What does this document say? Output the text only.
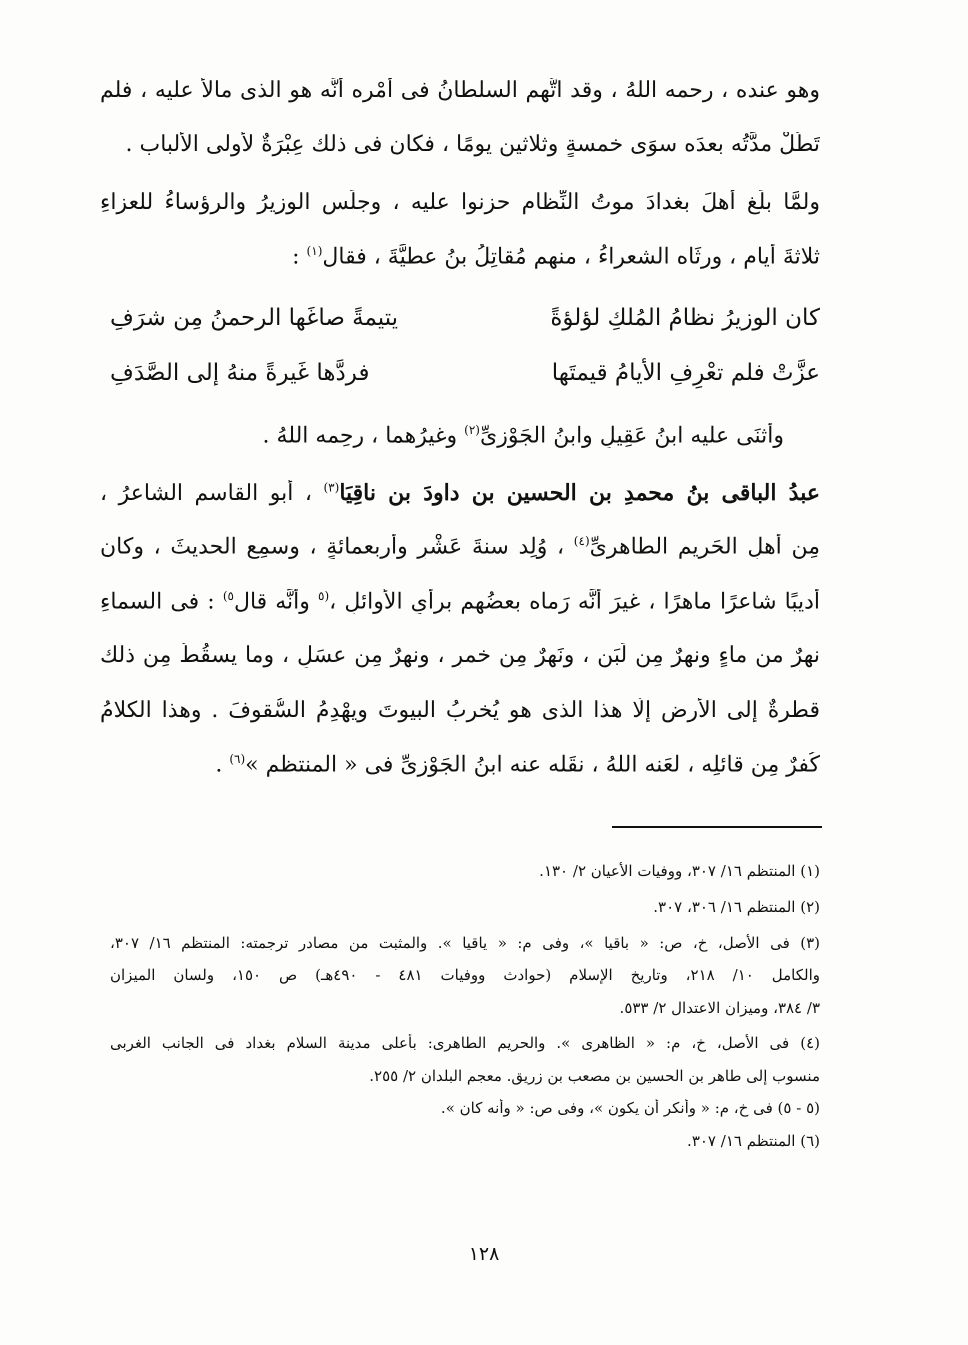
وهو عنده ، رحمه اللهُ ، وقد اتُّهِم السلطانُ فى أمْرِه أنَّه هو الذى مالأَ عليه ، فلم
تَطُلْ مدَّتُه بعدَه سوَى خمسةٍ وثلاثين يومًا ، فكان فى ذلك عِبْرَةٌ لأُولى الألباب .
ولمَّا بلَغ أهلَ بغدادَ موتُ النِّظام حزِنوا عليه ، وجلَس الوزيرُ والرؤساءُ للعزاءِ
ثلاثةَ أيامٍ ، ورثَاه الشعراءُ ، منهم مُقاتِلُ بنُ عطيَّةَ ، فقال$^{(١)}$ :
كان الوزيرُ نظامُ المُلكِ لؤلؤةً
يتيمةً صاغَها الرحمنُ مِن شرَفِ
عزَّتْ فلم تعْرِفِ الأيامُ قيمتَها
فردَّها غَيرةً منهُ إلى الصَّدَفِ
وأثنَى عليه ابنُ عَقِيلٍ وابنُ الجَوْزِىِّ$^{(٢)}$ وغيرُهما ، رحِمه اللهُ .
عبدُ الباقى بنُ محمدِ بنِ الحسينِ بنِ داودَ بنِ ناقِيَا$^{(٣)}$ ، أبو القاسمِ الشاعرُ ،
مِن أهلِ الحَريمِ الطاهرىِّ$^{(٤)}$ ، وُلِد سنةَ عَشْرٍ وأربعمائةٍ ، وسمِع الحديثَ ، وكان
أديبًا شاعرًا ماهرًا ، غيرَ أنَّه رَماه بعضُهم برأىِ الأوائلِ ،$^{(٥}$ وأنَّه قال$^{٥)}$ : فى السماءِ
نهرٌ من ماءٍ ونهرٌ مِن لَبَنٍ ، ونَهرٌ مِن خمرٍ ، ونهرٌ مِن عسَلٍ ، وما يسقُطُ مِن ذلك
قطرةٌ إلى الأرضِ إلَّا هذا الذى هو يُخرِبُ البيوتَ ويهْدِمُ السُّقوفَ . وهذا الكلامُ
كُفرٌ مِن قائلِه ، لعَنه اللهُ ، نقَله عنه ابنُ الجَوْزِىِّ فى « المنتظمِ »$^{(٦)}$ .
(١) المنتظم ١٦/ ٣٠٧، ووفيات الأعيان ٢/ ١٣٠.
(٢) المنتظم ١٦/ ٣٠٦، ٣٠٧.
(٣) فى الأصل، خ، ص: « باقيا »، وفى م: « ياقيا ». والمثبت من مصادر ترجمته: المنتظم ١٦/ ٣٠٧،
والكامل ١٠/ ٢١٨، وتاريخ الإسلام (حوادث ووفيات ٤٨١ - ٤٩٠هـ) ص ١٥٠، ولسان الميزان
٣/ ٣٨٤، وميزان الاعتدال ٢/ ٥٣٣.
(٤) فى الأصل، خ، م: « الظاهرى ». والحريم الطاهرى: بأعلى مدينة السلام بغداد فى الجانب الغربى
منسوب إلى طاهر بن الحسين بن مصعب بن زريق. معجم البلدان ٢/ ٢٥٥.
(٥ - ٥) فى خ، م: « وأنكر أن يكون »، وفى ص: « وأنه كان ».
(٦) المنتظم ١٦/ ٣٠٧.
١٢٨
